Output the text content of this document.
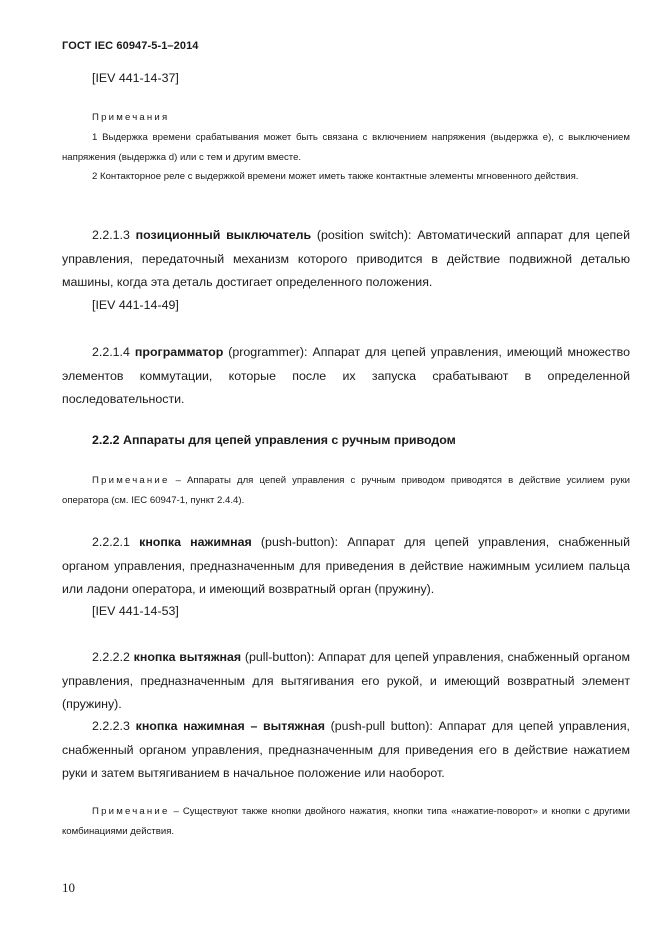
ГОСТ IEC 60947-5-1–2014

[IEV 441-14-37]

Примечания

1 Выдержка времени срабатывания может быть связана с включением напряжения (выдержка e), с выключением напряжения (выдержка d) или с тем и другим вместе.

2 Контакторное реле с выдержкой времени может иметь также контактные элементы мгновенного действия.

2.2.1.3 позиционный выключатель (position switch): Автоматический аппарат для цепей управления, передаточный механизм которого приводится в действие подвижной деталью машины, когда эта деталь достигает определенного положения.

[IEV 441-14-49]

2.2.1.4 программатор (programmer): Аппарат для цепей управления, имеющий множество элементов коммутации, которые после их запуска срабатывают в определенной последовательности.

2.2.2 Аппараты для цепей управления с ручным приводом

Примечание – Аппараты для цепей управления с ручным приводом приводятся в действие усилием руки оператора (см. IEC 60947-1, пункт 2.4.4).

2.2.2.1 кнопка нажимная (push-button): Аппарат для цепей управления, снабженный органом управления, предназначенным для приведения в действие нажимным усилием пальца или ладони оператора, и имеющий возвратный орган (пружину).

[IEV 441-14-53]

2.2.2.2 кнопка вытяжная (pull-button): Аппарат для цепей управления, снабженный органом управления, предназначенным для вытягивания его рукой, и имеющий возвратный элемент (пружину).

2.2.2.3 кнопка нажимная – вытяжная (push-pull button): Аппарат для цепей управления, снабженный органом управления, предназначенным для приведения его в действие нажатием руки и затем вытягиванием в начальное положение или наоборот.

Примечание – Существуют также кнопки двойного нажатия, кнопки типа «нажатие-поворот» и кнопки с другими комбинациями действия.

10
